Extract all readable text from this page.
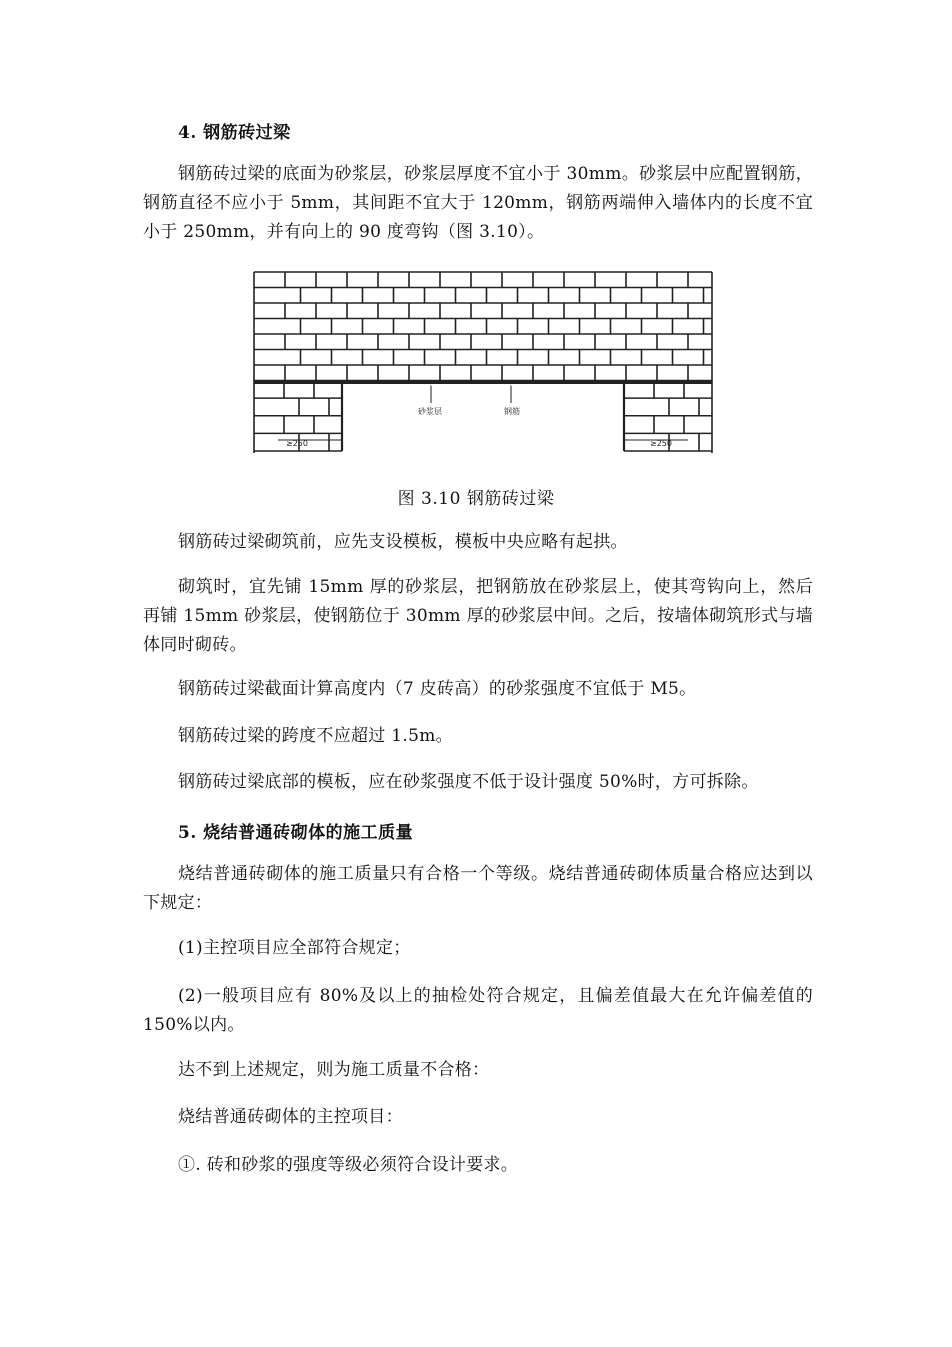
4. 钢筋砖过梁
钢筋砖过梁的底面为砂浆层，砂浆层厚度不宜小于 30mm。砂浆层中应配置钢筋，钢筋直径不应小于 5mm，其间距不宜大于 120mm，钢筋两端伸入墙体内的长度不宜小于 250mm，并有向上的 90 度弯钩（图 3.10）。
砂浆层	钢筋
≥250	≥250
图 3.10 钢筋砖过梁
钢筋砖过梁砌筑前，应先支设模板，模板中央应略有起拱。
砌筑时，宜先铺 15mm 厚的砂浆层，把钢筋放在砂浆层上，使其弯钩向上，然后再铺 15mm 砂浆层，使钢筋位于 30mm 厚的砂浆层中间。之后，按墙体砌筑形式与墙体同时砌砖。
钢筋砖过梁截面计算高度内（7 皮砖高）的砂浆强度不宜低于 M5。
钢筋砖过梁的跨度不应超过 1.5m。
钢筋砖过梁底部的模板，应在砂浆强度不低于设计强度 50%时，方可拆除。
5. 烧结普通砖砌体的施工质量
烧结普通砖砌体的施工质量只有合格一个等级。烧结普通砖砌体质量合格应达到以下规定：
(1)主控项目应全部符合规定；
(2)一般项目应有 80%及以上的抽检处符合规定，且偏差值最大在允许偏差值的 150%以内。
达不到上述规定，则为施工质量不合格：
烧结普通砖砌体的主控项目：
①. 砖和砂浆的强度等级必须符合设计要求。
